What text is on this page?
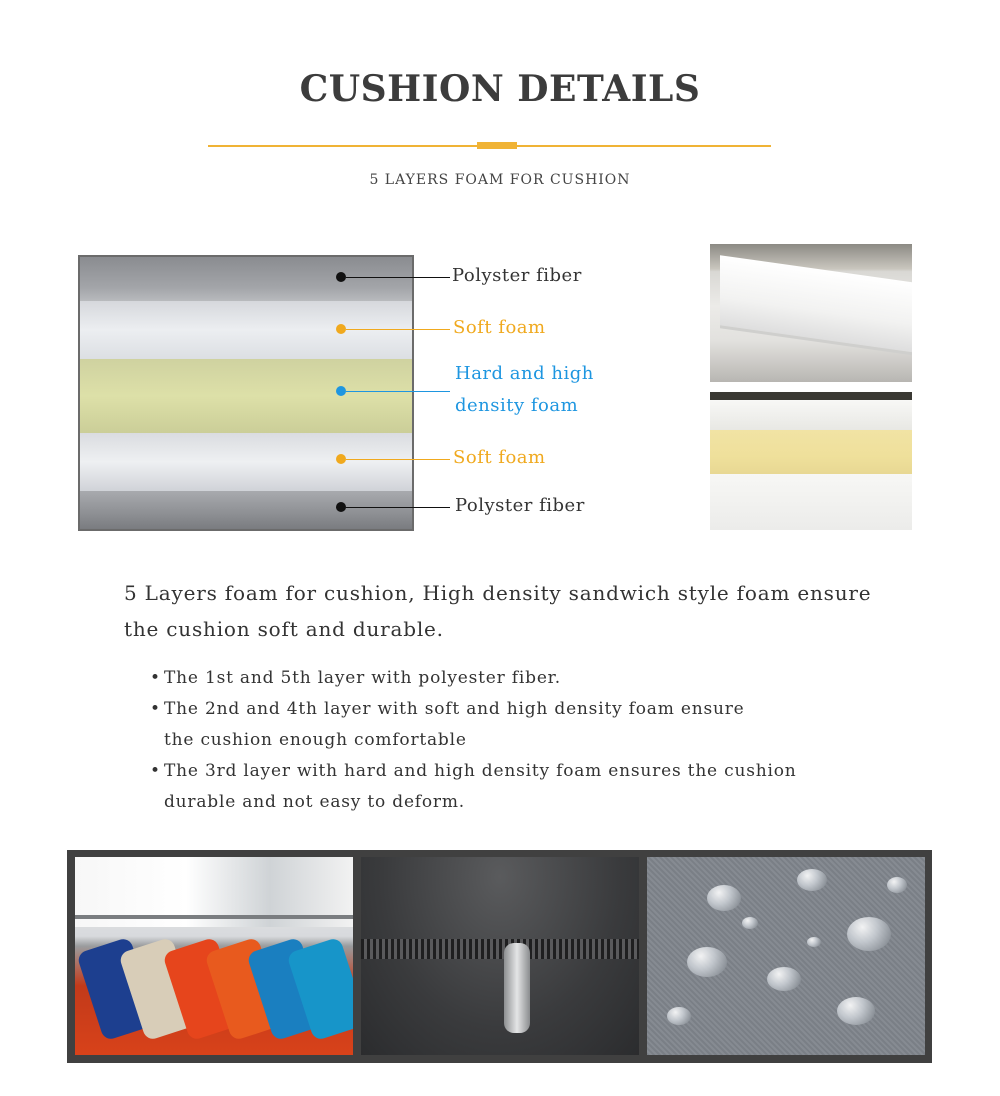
CUSHION DETAILS
5 LAYERS FOAM FOR CUSHION
Polyster fiber
Soft foam
Hard and high
density foam
Soft foam
Polyster fiber
5 Layers foam for cushion, High density sandwich style foam ensure
the cushion soft and durable.
• The 1st and 5th layer with polyester fiber.
• The 2nd and 4th layer with soft and high density foam ensure
the cushion enough comfortable
• The 3rd layer with hard and high density foam ensures the cushion
durable and not easy to deform.
